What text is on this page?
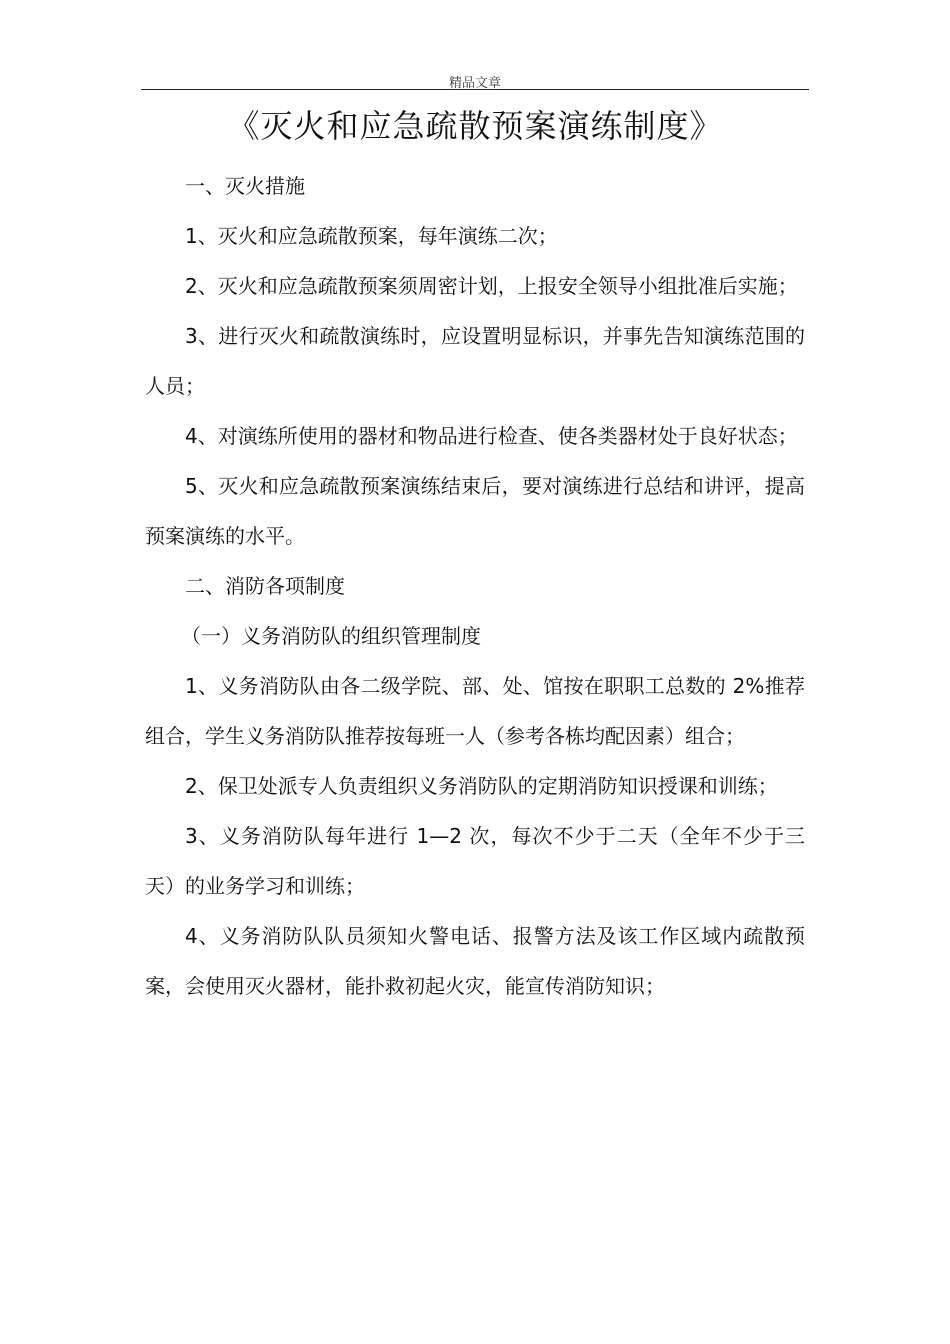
精品文章
《灭火和应急疏散预案演练制度》

一、灭火措施

1、灭火和应急疏散预案，每年演练二次；

2、灭火和应急疏散预案须周密计划，上报安全领导小组批准后实施；

3、进行灭火和疏散演练时，应设置明显标识，并事先告知演练范围的人员；

4、对演练所使用的器材和物品进行检查、使各类器材处于良好状态；

5、灭火和应急疏散预案演练结束后，要对演练进行总结和讲评，提高预案演练的水平。

二、消防各项制度

（一）义务消防队的组织管理制度

1、义务消防队由各二级学院、部、处、馆按在职职工总数的 2%推荐组合，学生义务消防队推荐按每班一人（参考各栋均配因素）组合；

2、保卫处派专人负责组织义务消防队的定期消防知识授课和训练；

3、义务消防队每年进行 1—2 次，每次不少于二天（全年不少于三天）的业务学习和训练；

4、义务消防队队员须知火警电话、报警方法及该工作区域内疏散预案，会使用灭火器材，能扑救初起火灾，能宣传消防知识；
